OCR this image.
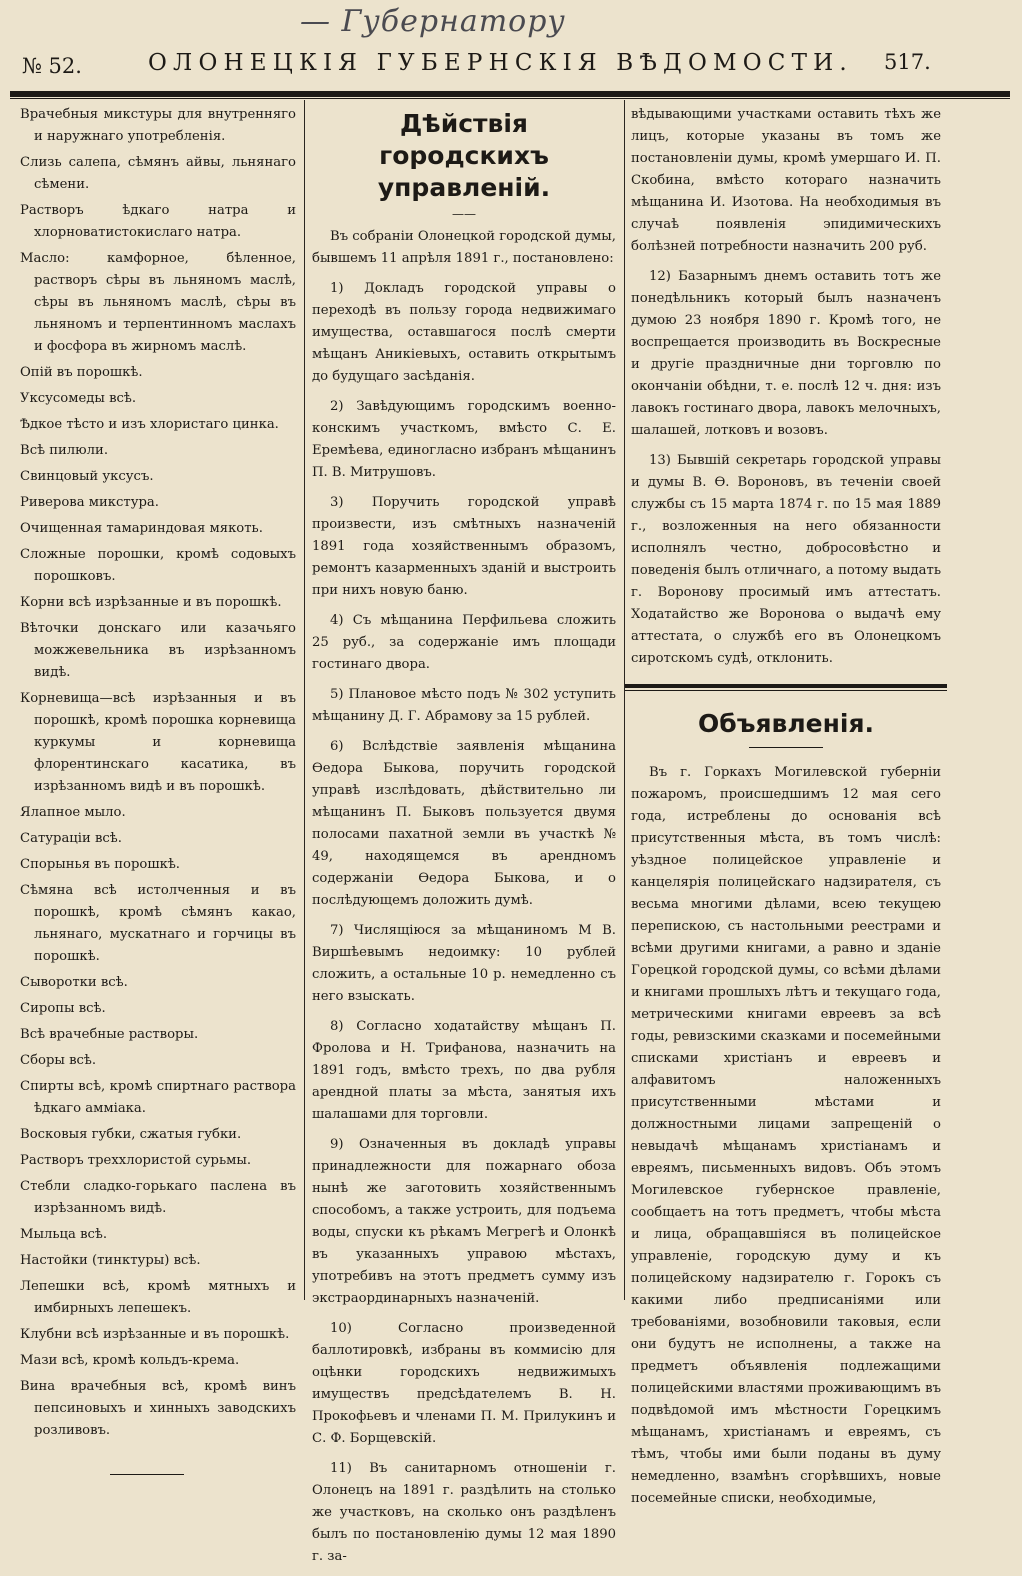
— Губернатору
№ 52.	ОЛОНЕЦКІЯ ГУБЕРНСКІЯ ВѢДОМОСТИ. 517.

Врачебныя микстуры для внутренняго и наружнаго употребленія.

Слизь салепа, сѣмянъ айвы, льнянаго сѣмени.

Растворъ ѣдкаго натра и хлорноватистокислаго натра.

Масло: камфорное, бѣленное, растворъ сѣры въ льняномъ маслѣ, сѣры въ льняномъ маслѣ, сѣры въ льняномъ и терпентинномъ маслахъ и фосфора въ жирномъ маслѣ.

Опій въ порошкѣ.

Уксусомеды всѣ.

Ѣдкое тѣсто и изъ хлористаго цинка.

Всѣ пилюли.

Свинцовый уксусъ.

Риверова микстура.

Очищенная тамариндовая мякоть.

Сложные порошки, кромѣ содовыхъ порошковъ.

Корни всѣ изрѣзанные и въ порошкѣ.

Вѣточки донскаго или казачьяго можжевельника въ изрѣзанномъ видѣ.

Корневища—всѣ изрѣзанныя и въ порошкѣ, кромѣ порошка корневища куркумы и корневища флорентинскаго касатика, въ изрѣзанномъ видѣ и въ порошкѣ.

Ялапное мыло.

Сатураціи всѣ.

Спорынья въ порошкѣ.

Сѣмяна всѣ истолченныя и въ порошкѣ, кромѣ сѣмянъ какао, льнянаго, мускатнаго и горчицы въ порошкѣ.

Сыворотки всѣ.

Сиропы всѣ.

Всѣ врачебные растворы.

Сборы всѣ.

Спирты всѣ, кромѣ спиртнаго раствора ѣдкаго аммiака.

Восковыя губки, сжатыя губки.

Растворъ треххлористой сурьмы.

Стебли сладко-горькаго паслена въ изрѣзанномъ видѣ.

Мыльца всѣ.

Настойки (тинктуры) всѣ.

Лепешки всѣ, кромѣ мятныхъ и имбирныхъ лепешекъ.

Клубни всѣ изрѣзанные и въ порошкѣ.

Мази всѣ, кромѣ кольдъ-крема.

Вина врачебныя всѣ, кромѣ винъ пепсиновыхъ и хинныхъ заводскихъ розливовъ.

Дѣйствія городскихъ управленій.
——

Въ собраніи Олонецкой городской думы, бывшемъ 11 апрѣля 1891 г., постановлено:

1) Докладъ городской управы о переходѣ въ пользу города недвижимаго имущества, оставшагося послѣ смерти мѣщанъ Аникіевыхъ, оставить открытымъ до будущаго засѣданія.

2) Завѣдующимъ городскимъ военно-конскимъ участкомъ, вмѣсто С. Е. Еремѣева, единогласно избранъ мѣщанинъ П. В. Митрушовъ.

3) Поручить городской управѣ произвести, изъ смѣтныхъ назначеній 1891 года хозяйственнымъ образомъ, ремонтъ казарменныхъ зданій и выстроить при нихъ новую баню.

4) Съ мѣщанина Перфильева сложить 25 руб., за содержаніе имъ площади гостинаго двора.

5) Плановое мѣсто подъ № 302 уступить мѣщанину Д. Г. Абрамову за 15 рублей.

6) Вслѣдствіе заявленія мѣщанина Ѳедора Быкова, поручить городской управѣ изслѣдовать, дѣйствительно ли мѣщанинъ П. Быковъ пользуется двумя полосами пахатной земли въ участкѣ № 49, находящемся въ арендномъ содержаніи Ѳедора Быкова, и о послѣдующемъ доложить думѣ.

7) Числящіюся за мѣщаниномъ М В. Виршѣевымъ недоимку: 10 рублей сложить, а остальные 10 р. немедленно съ него взыскать.

8) Согласно ходатайству мѣщанъ П. Фролова и Н. Трифанова, назначить на 1891 годъ, вмѣсто трехъ, по два рубля арендной платы за мѣста, занятыя ихъ шалашами для торговли.

9) Означенныя въ докладѣ управы принадлежности для пожарнаго обоза нынѣ же заготовить хозяйственнымъ способомъ, а также устроить, для подъема воды, спуски къ рѣкамъ Мегрегѣ и Олонкѣ въ указанныхъ управою мѣстахъ, употребивъ на этотъ предметъ сумму изъ экстраординарныхъ назначеній.

10) Согласно произведенной баллотировкѣ, избраны въ коммисію для оцѣнки городскихъ недвижимыхъ имуществъ предсѣдателемъ В. Н. Прокофьевъ и членами П. М. Прилукинъ и С. Ф. Борщевскій.

11) Въ санитарномъ отношеніи г. Олонецъ на 1891 г. раздѣлить на столько же участковъ, на сколько онъ раздѣленъ былъ по постановленію думы 12 мая 1890 г. за-

вѣдывающими участками оставить тѣхъ же лицъ, которые указаны въ томъ же постановленіи думы, кромѣ умершаго И. П. Скобина, вмѣсто котораго назначить мѣщанина И. Изотова. На необходимыя въ случаѣ появленія эпидимическихъ болѣзней потребности назначить 200 руб.

12) Базарнымъ днемъ оставить тотъ же понедѣльникъ который былъ назначенъ думою 23 ноября 1890 г. Кромѣ того, не воспрещается производить въ Воскресные и другіе праздничные дни торговлю по окончаніи обѣдни, т. е. послѣ 12 ч. дня: изъ лавокъ гостинаго двора, лавокъ мелочныхъ, шалашей, лотковъ и возовъ.

13) Бывшій секретарь городской управы и думы В. Ѳ. Вороновъ, въ теченіи своей службы съ 15 марта 1874 г. по 15 мая 1889 г., возложенныя на него обязанности исполнялъ честно, добросовѣстно и поведенія былъ отличнаго, а потому выдать г. Воронову просимый имъ аттестатъ. Ходатайство же Воронова о выдачѣ ему аттестата, о службѣ его въ Олонецкомъ сиротскомъ судѣ, отклонить.

Объявленія.

Въ г. Горкахъ Могилевской губерніи пожаромъ, происшедшимъ 12 мая сего года, истреблены до основанія всѣ присутственныя мѣста, въ томъ числѣ: уѣздное полицейское управленіе и канцелярія полицейскаго надзирателя, съ весьма многими дѣлами, всею текущею перепискою, съ настольными реестрами и всѣми другими книгами, а равно и зданіе Горецкой городской думы, со всѣми дѣлами и книгами прошлыхъ лѣтъ и текущаго года, метрическими книгами евреевъ за всѣ годы, ревизскими сказками и посемейными списками христіанъ и евреевъ и алфавитомъ наложенныхъ присутственными мѣстами и должностными лицами запрещеній о невыдачѣ мѣщанамъ христіанамъ и евреямъ, письменныхъ видовъ. Объ этомъ Могилевское губернское правленіе, сообщаетъ на тотъ предметъ, чтобы мѣста и лица, обращавшіяся въ полицейское управленіе, городскую думу и къ полицейскому надзирателю г. Горокъ съ какими либо предписаніями или требованіями, возобновили таковыя, если они будутъ не исполнены, а также на предметъ объявленія подлежащими полицейскими властями проживающимъ въ подвѣдомой имъ мѣстности Горецкимъ мѣщанамъ, христіанамъ и евреямъ, съ тѣмъ, чтобы ими были поданы въ думу немедленно, взамѣнъ сгорѣвшихъ, новые посемейные списки, необходимые,
